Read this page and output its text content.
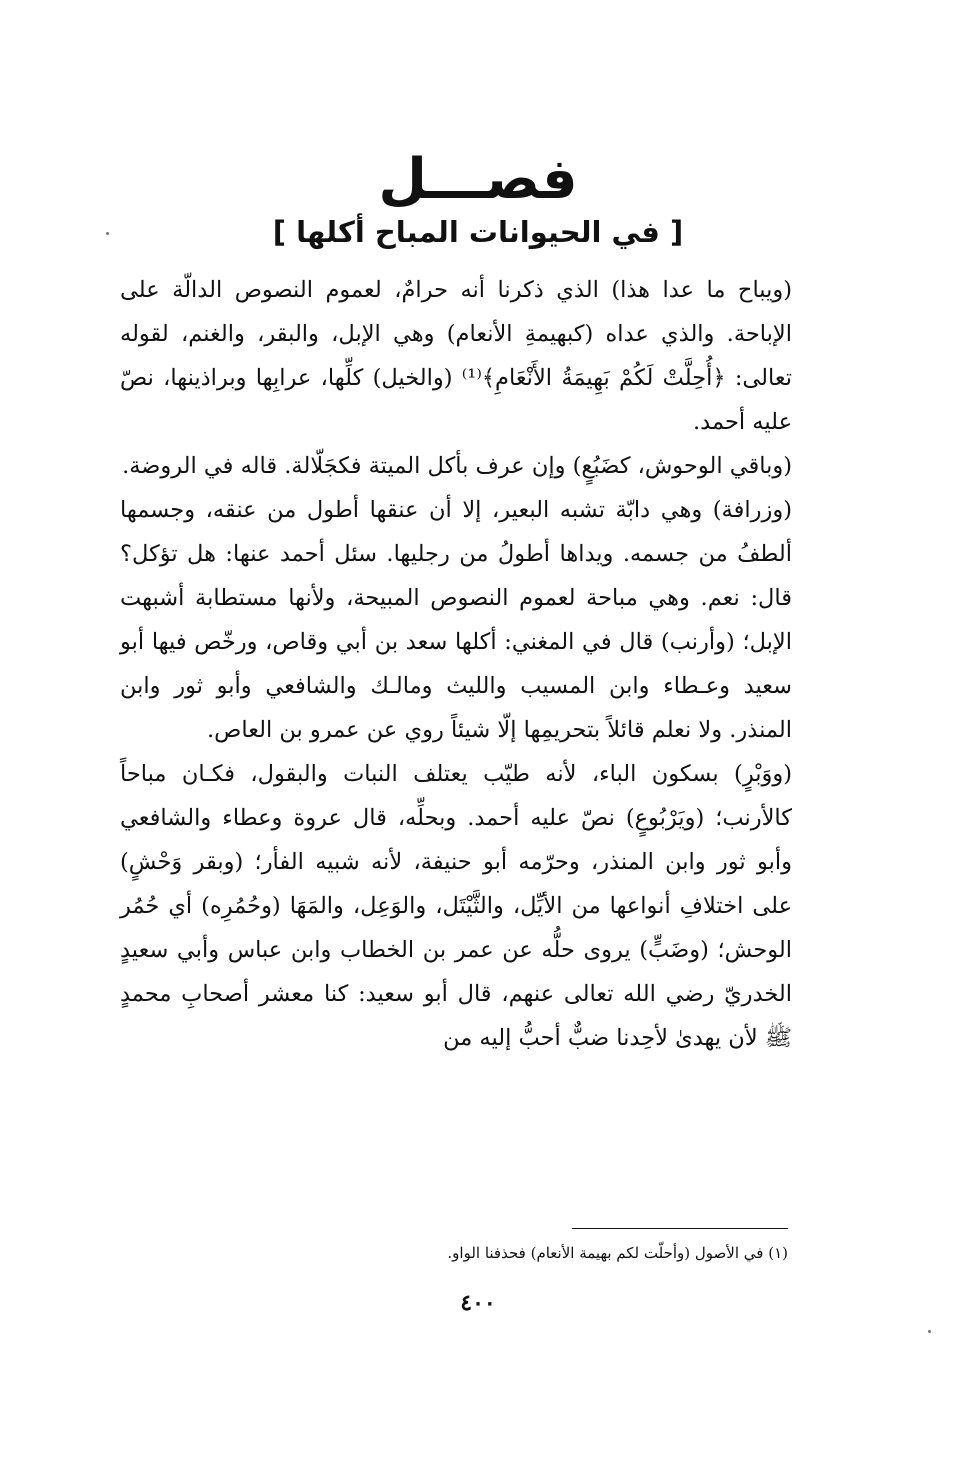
فصـــل
[ في الحيوانات المباح أكلها ]

(ويباح ما عدا هذا) الذي ذكرنا أنه حرامٌ، لعموم النصوص الدالّة على الإباحة. والذي عداه (كبهيمةِ الأنعام) وهي الإبل، والبقر، والغنم، لقوله تعالى: ﴿أُحِلَّتْ لَكُمْ بَهِيمَةُ الأَنْعَامِ﴾⁽¹⁾ (والخيل) كلِّها، عرابِها وبراذينها، نصّ عليه أحمد.

(وباقي الوحوش، كضَبُعٍ) وإن عرف بأكل الميتة فكجَلّالة. قاله في الروضة.

(وزرافة) وهي دابّة تشبه البعير، إلا أن عنقها أطول من عنقه، وجسمها ألطفُ من جسمه. ويداها أطولُ من رجليها. سئل أحمد عنها: هل تؤكل؟ قال: نعم. وهي مباحة لعموم النصوص المبيحة، ولأنها مستطابة أشبهت الإبل؛ (وأرنب) قال في المغني: أكلها سعد بن أبي وقاص، ورخّص فيها أبو سعيد وعـطاء وابن المسيب والليث ومالـك والشافعي وأبو ثور وابن المنذر. ولا نعلم قائلاً بتحريمِها إلّا شيئاً روي عن عمرو بن العاص.

(ووَبْرٍ) بسكون الباء، لأنه طيّب يعتلف النبات والبقول، فكـان مباحاً كالأرنب؛ (ويَرْبُوعٍ) نصّ عليه أحمد. وبحلِّه، قال عروة وعطاء والشافعي وأبو ثور وابن المنذر، وحرّمه أبو حنيفة، لأنه شبيه الفأر؛ (وبقر وَحْشٍ) على اختلافِ أنواعها من الأيِّل، والثَّيْتَل، والوَعِل، والمَهَا (وحُمُرِه) أي حُمُر الوحش؛ (وضَبٍّ) يروى حلُّه عن عمر بن الخطاب وابن عباس وأبي سعيدٍ الخدريّ رضي الله تعالى عنهم، قال أبو سعيد: كنا معشر أصحابِ محمدٍ ﷺ لأن يهدىٰ لأحِدنا ضبٌّ أحبُّ إليه من

(١) في الأصول (وأحلّت لكم بهيمة الأنعام) فحذفنا الواو.
٤٠٠
